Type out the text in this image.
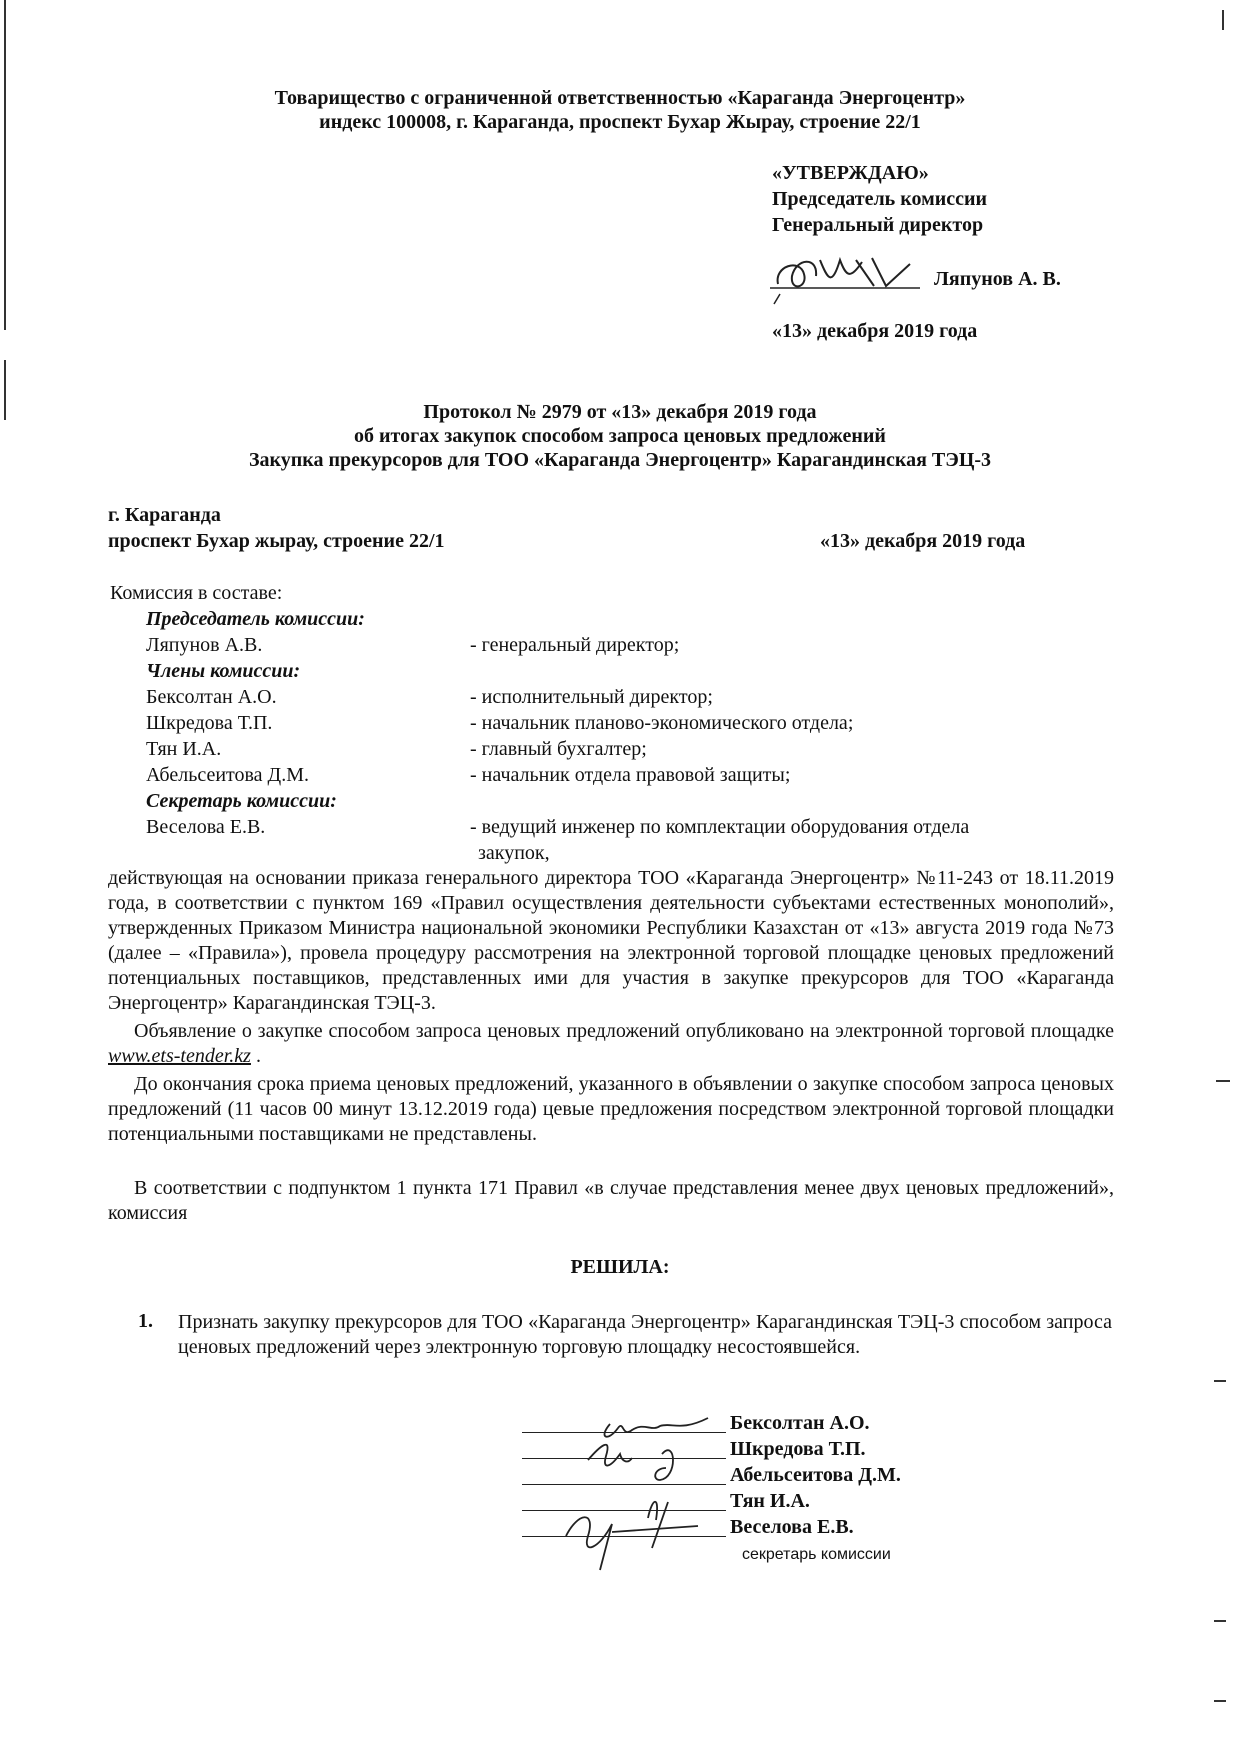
Товарищество с ограниченной ответственностью «Караганда Энергоцентр»
индекс 100008, г. Караганда, проспект Бухар Жырау, строение 22/1
«УТВЕРЖДАЮ»
Председатель комиссии
Генеральный директор
Ляпунов А. В.
«13» декабря 2019 года
Протокол № 2979 от «13» декабря 2019 года
об итогах закупок способом запроса ценовых предложений
Закупка прекурсоров для ТОО «Караганда Энергоцентр» Карагандинская ТЭЦ-3
г. Караганда
проспект Бухар жырау, строение 22/1	«13» декабря 2019 года
Комиссия в составе:
Председатель комиссии:
Ляпунов А.В.	- генеральный директор;
Члены комиссии:
Бексолтан А.О.	- исполнительный директор;
Шкредова Т.П.	- начальник планово-экономического отдела;
Тян И.А.	- главный бухгалтер;
Абельсеитова Д.М.	- начальник отдела правовой защиты;
Секретарь комиссии:
Веселова Е.В.	- ведущий инженер по комплектации оборудования отдела
закупок,
действующая на основании приказа генерального директора ТОО «Караганда Энергоцентр» №11-243 от 18.11.2019 года, в соответствии с пунктом 169 «Правил осуществления деятельности субъектами естественных монополий», утвержденных Приказом Министра национальной экономики Республики Казахстан от «13» августа 2019 года №73 (далее – «Правила»), провела процедуру рассмотрения на электронной торговой площадке ценовых предложений потенциальных поставщиков, представленных ими для участия в закупке прекурсоров для ТОО «Караганда Энергоцентр» Карагандинская ТЭЦ-3.
Объявление о закупке способом запроса ценовых предложений опубликовано на электронной торговой площадке www.ets-tender.kz .
До окончания срока приема ценовых предложений, указанного в объявлении о закупке способом запроса ценовых предложений (11 часов 00 минут 13.12.2019 года) цевые предложения посредством электронной торговой площадки потенциальными поставщиками не представлены.
В соответствии с подпунктом 1 пункта 171 Правил «в случае представления менее двух ценовых предложений», комиссия
РЕШИЛА:
1. Признать закупку прекурсоров для ТОО «Караганда Энергоцентр» Карагандинская ТЭЦ-3 способом запроса ценовых предложений через электронную торговую площадку несостоявшейся.
Бексолтан А.О.
Шкредова Т.П.
Абельсеитова Д.М.
Тян И.А.
Веселова Е.В.
секретарь комиссии
